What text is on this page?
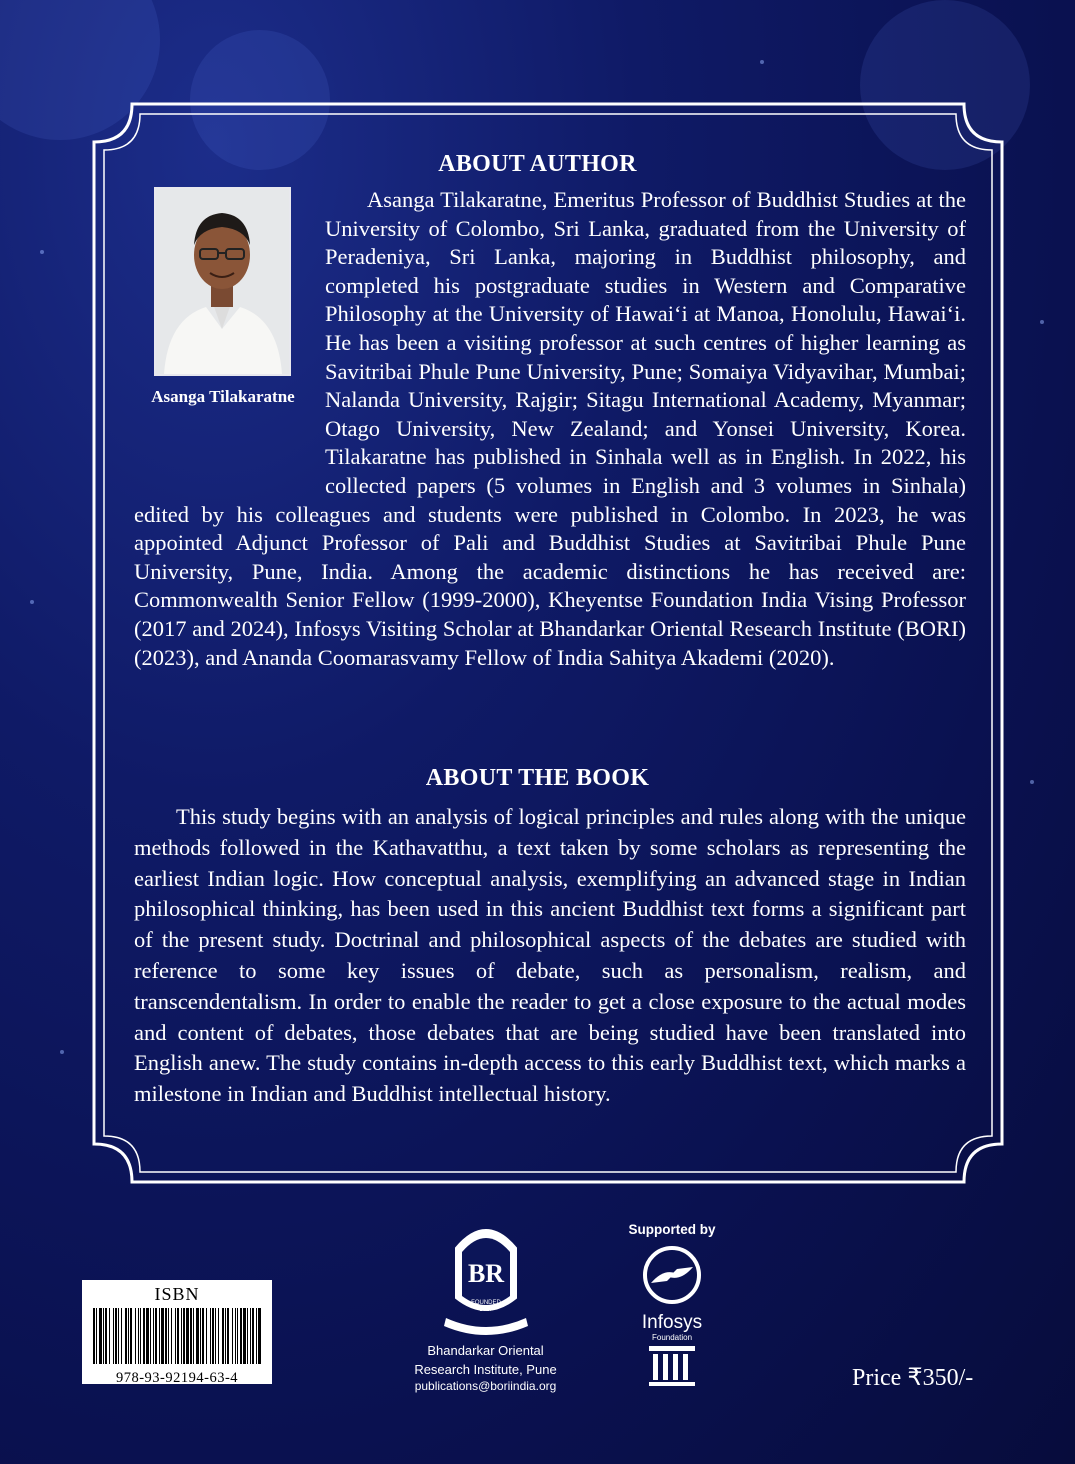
ABOUT AUTHOR
Asanga Tilakaratne
Asanga Tilakaratne, Emeritus Professor of Buddhist Studies at the University of Colombo, Sri Lanka, graduated from the University of Peradeniya, Sri Lanka, majoring in Buddhist philosophy, and completed his postgraduate studies in Western and Comparative Philosophy at the University of Hawai‘i at Manoa, Honolulu, Hawai‘i. He has been a visiting professor at such centres of higher learning as Savitribai Phule Pune University, Pune; Somaiya Vidyavihar, Mumbai; Nalanda University, Rajgir; Sitagu International Academy, Myanmar; Otago University, New Zealand; and Yonsei University, Korea. Tilakaratne has published in Sinhala well as in English. In 2022, his collected papers (5 volumes in English and 3 volumes in Sinhala) edited by his colleagues and students were published in Colombo. In 2023, he was appointed Adjunct Professor of Pali and Buddhist Studies at Savitribai Phule Pune University, Pune, India. Among the academic distinctions he has received are: Commonwealth Senior Fellow (1999-2000), Kheyentse Foundation India Vising Professor (2017 and 2024), Infosys Visiting Scholar at Bhandarkar Oriental Research Institute (BORI) (2023), and Ananda Coomarasvamy Fellow of India Sahitya Akademi (2020).
ABOUT THE BOOK
This study begins with an analysis of logical principles and rules along with the unique methods followed in the Kathavatthu, a text taken by some scholars as representing the earliest Indian logic. How conceptual analysis, exemplifying an advanced stage in Indian philosophical thinking, has been used in this ancient Buddhist text forms a significant part of the present study. Doctrinal and philosophical aspects of the debates are studied with reference to some key issues of debate, such as personalism, realism, and transcendentalism. In order to enable the reader to get a close exposure to the actual modes and content of debates, those debates that are being studied have been translated into English anew. The study contains in-depth access to this early Buddhist text, which marks a milestone in Indian and Buddhist intellectual history.
ISBN
978-93-92194-63-4
BR
FOUNDED
1917
Bhandarkar Oriental
Research Institute, Pune
publications@boriindia.org
Supported by
Infosys
Foundation
Price ₹350/-
